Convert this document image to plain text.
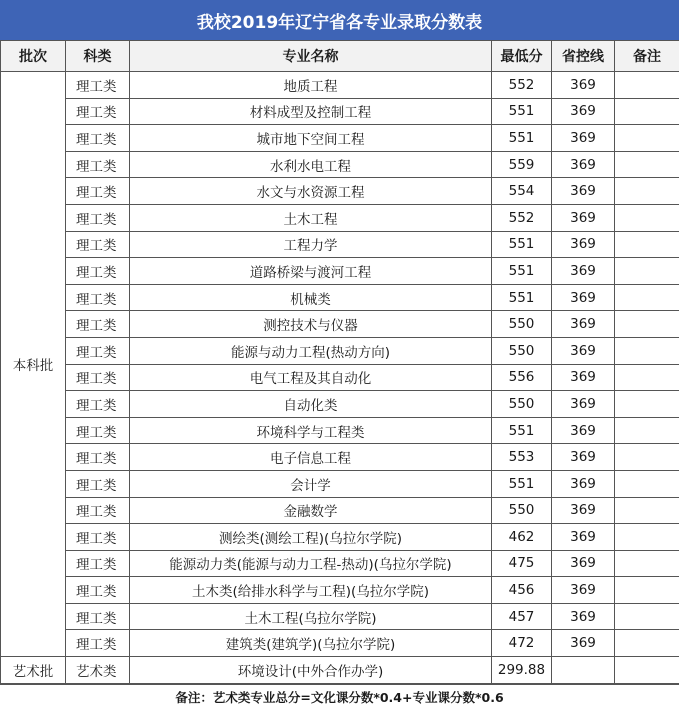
我校2019年辽宁省各专业录取分数表
批次	科类	专业名称	最低分	省控线	备注
本科批	理工类	地质工程	552	369	
	理工类	材料成型及控制工程	551	369	
	理工类	城市地下空间工程	551	369	
	理工类	水利水电工程	559	369	
	理工类	水文与水资源工程	554	369	
	理工类	土木工程	552	369	
	理工类	工程力学	551	369	
	理工类	道路桥梁与渡河工程	551	369	
	理工类	机械类	551	369	
	理工类	测控技术与仪器	550	369	
	理工类	能源与动力工程(热动方向)	550	369	
	理工类	电气工程及其自动化	556	369	
	理工类	自动化类	550	369	
	理工类	环境科学与工程类	551	369	
	理工类	电子信息工程	553	369	
	理工类	会计学	551	369	
	理工类	金融数学	550	369	
	理工类	测绘类(测绘工程)(乌拉尔学院)	462	369	
	理工类	能源动力类(能源与动力工程-热动)(乌拉尔学院)	475	369	
	理工类	土木类(给排水科学与工程)(乌拉尔学院)	456	369	
	理工类	土木工程(乌拉尔学院)	457	369	
	理工类	建筑类(建筑学)(乌拉尔学院)	472	369	
艺术批	艺术类	环境设计(中外合作办学)	299.88		
备注：艺术类专业总分=文化课分数*0.4+专业课分数*0.6
